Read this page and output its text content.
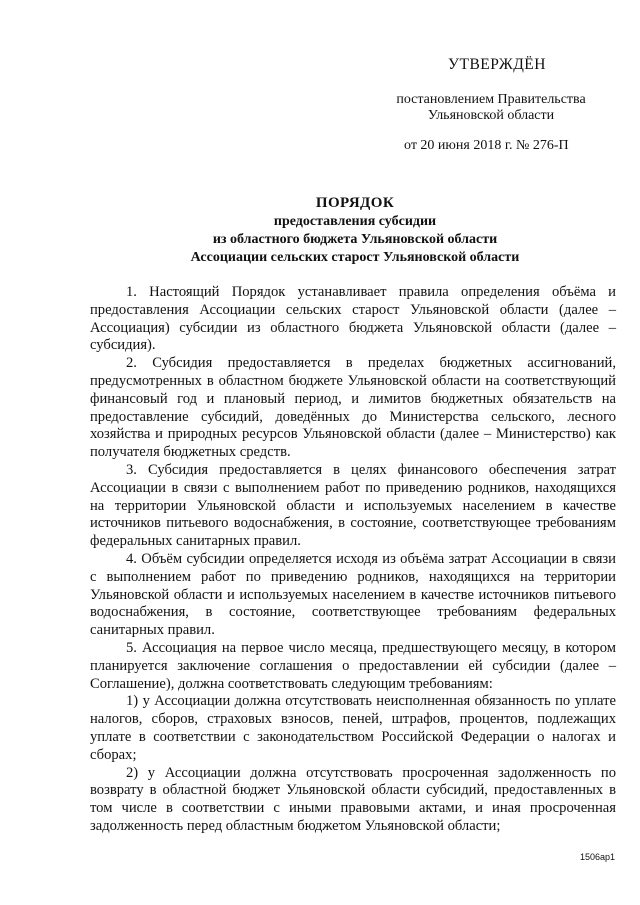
УТВЕРЖДЁН
постановлением Правительства
Ульяновской области
от 20 июня 2018 г. № 276-П
ПОРЯДОК
предоставления субсидии
из областного бюджета Ульяновской области
Ассоциации сельских старост Ульяновской области

1. Настоящий Порядок устанавливает правила определения объёма и предоставления Ассоциации сельских старост Ульяновской области (далее – Ассоциация) субсидии из областного бюджета Ульяновской области (далее – субсидия).

2. Субсидия предоставляется в пределах бюджетных ассигнований, предусмотренных в областном бюджете Ульяновской области на соответствующий финансовый год и плановый период, и лимитов бюджетных обязательств на предоставление субсидий, доведённых до Министерства сельского, лесного хозяйства и природных ресурсов Ульяновской области (далее – Министерство) как получателя бюджетных средств.

3. Субсидия предоставляется в целях финансового обеспечения затрат Ассоциации в связи с выполнением работ по приведению родников, находящихся на территории Ульяновской области и используемых населением в качестве источников питьевого водоснабжения, в состояние, соответствующее требованиям федеральных санитарных правил.

4. Объём субсидии определяется исходя из объёма затрат Ассоциации в связи с выполнением работ по приведению родников, находящихся на территории Ульяновской области и используемых населением в качестве источников питьевого водоснабжения, в состояние, соответствующее требованиям федеральных санитарных правил.

5. Ассоциация на первое число месяца, предшествующего месяцу, в котором планируется заключение соглашения о предоставлении ей субсидии (далее – Соглашение), должна соответствовать следующим требованиям:

1) у Ассоциации должна отсутствовать неисполненная обязанность по уплате налогов, сборов, страховых взносов, пеней, штрафов, процентов, подлежащих уплате в соответствии с законодательством Российской Федерации о налогах и сборах;

2) у Ассоциации должна отсутствовать просроченная задолженность по возврату в областной бюджет Ульяновской области субсидий, предоставленных в том числе в соответствии с иными правовыми актами, и иная просроченная задолженность перед областным бюджетом Ульяновской области;

1506ap1
